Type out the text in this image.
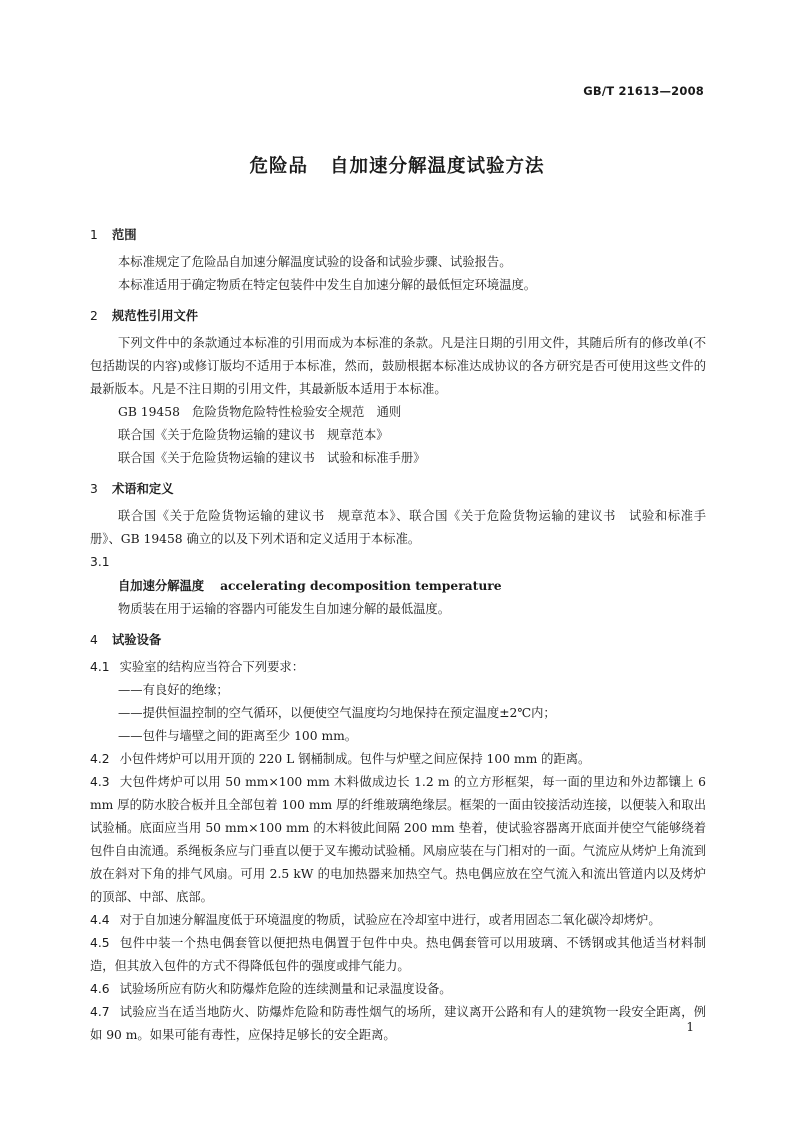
GB/T 21613—2008
危险品 自加速分解温度试验方法
1 范围
本标准规定了危险品自加速分解温度试验的设备和试验步骤、试验报告。
本标准适用于确定物质在特定包装件中发生自加速分解的最低恒定环境温度。
2 规范性引用文件
下列文件中的条款通过本标准的引用而成为本标准的条款。凡是注日期的引用文件，其随后所有的修改单(不包括勘误的内容)或修订版均不适用于本标准，然而，鼓励根据本标准达成协议的各方研究是否可使用这些文件的最新版本。凡是不注日期的引用文件，其最新版本适用于本标准。
GB 19458　危险货物危险特性检验安全规范　通则
联合国《关于危险货物运输的建议书　规章范本》
联合国《关于危险货物运输的建议书　试验和标准手册》
3 术语和定义
联合国《关于危险货物运输的建议书　规章范本》、联合国《关于危险货物运输的建议书　试验和标准手册》、GB 19458 确立的以及下列术语和定义适用于本标准。
3.1
自加速分解温度 accelerating decomposition temperature
物质装在用于运输的容器内可能发生自加速分解的最低温度。
4 试验设备
4.1 实验室的结构应当符合下列要求：
——有良好的绝缘；
——提供恒温控制的空气循环，以便使空气温度均匀地保持在预定温度±2℃内；
——包件与墙壁之间的距离至少 100 mm。
4.2 小包件烤炉可以用开顶的 220 L 钢桶制成。包件与炉壁之间应保持 100 mm 的距离。
4.3 大包件烤炉可以用 50 mm×100 mm 木料做成边长 1.2 m 的立方形框架，每一面的里边和外边都镶上 6 mm 厚的防水胶合板并且全部包着 100 mm 厚的纤维玻璃绝缘层。框架的一面由铰接活动连接，以便装入和取出试验桶。底面应当用 50 mm×100 mm 的木料彼此间隔 200 mm 垫着，使试验容器离开底面并使空气能够绕着包件自由流通。系绳板条应与门垂直以便于叉车搬动试验桶。风扇应装在与门相对的一面。气流应从烤炉上角流到放在斜对下角的排气风扇。可用 2.5 kW 的电加热器来加热空气。热电偶应放在空气流入和流出管道内以及烤炉的顶部、中部、底部。
4.4 对于自加速分解温度低于环境温度的物质，试验应在冷却室中进行，或者用固态二氧化碳冷却烤炉。
4.5 包件中装一个热电偶套管以便把热电偶置于包件中央。热电偶套管可以用玻璃、不锈钢或其他适当材料制造，但其放入包件的方式不得降低包件的强度或排气能力。
4.6 试验场所应有防火和防爆炸危险的连续测量和记录温度设备。
4.7 试验应当在适当地防火、防爆炸危险和防毒性烟气的场所，建议离开公路和有人的建筑物一段安全距离，例如 90 m。如果可能有毒性，应保持足够长的安全距离。
1
